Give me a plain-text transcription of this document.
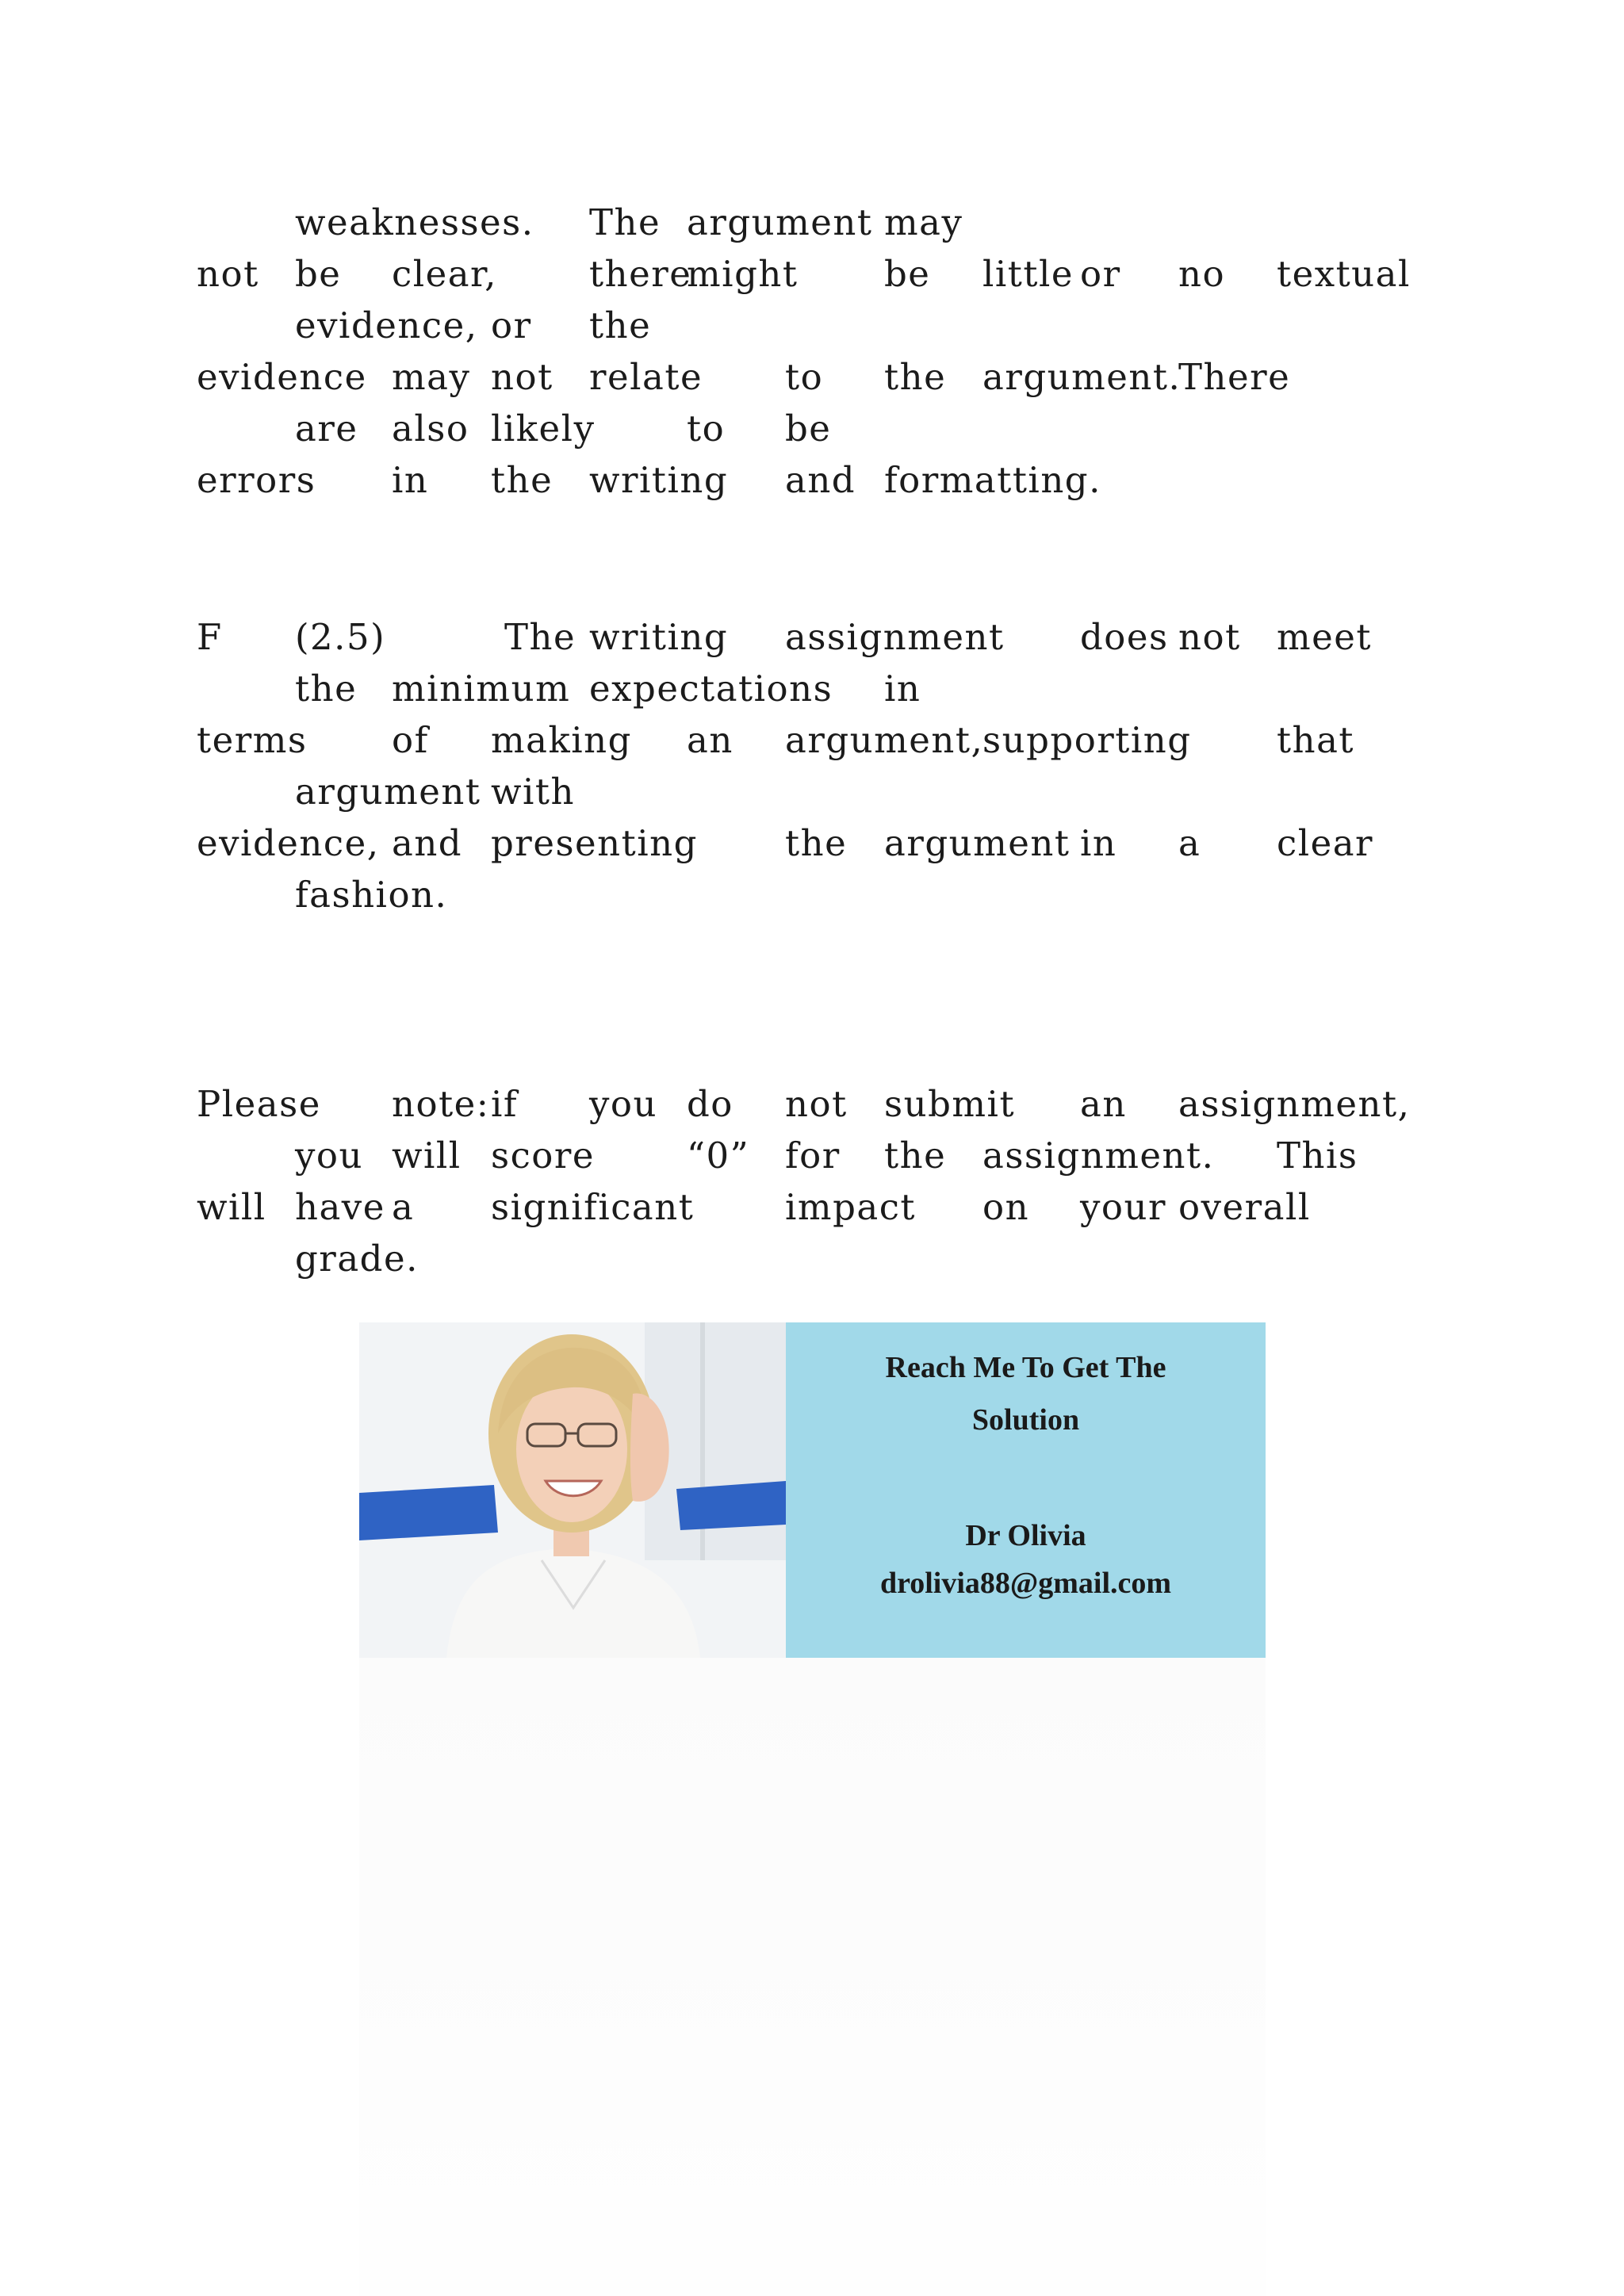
weaknesses. The argument may
not be clear,	there
might be little or no textual
evidence, or the
evidence may not relate to the argument.
There
are also likely	to be
errors in the writing and formatting.
F (2.5)	The writing assignment does not meet
the minimum expectations in
terms of making an argument,
supporting that
argument with
evidence, and presenting the argument in a clear
fashion.
Please note: if you do not submit an assignment,
you will score	“0” for the assignment. This
will have a significant	impact on your overall
grade.
Reach Me To Get The
Solution
Dr Olivia
drolivia88@gmail.com
